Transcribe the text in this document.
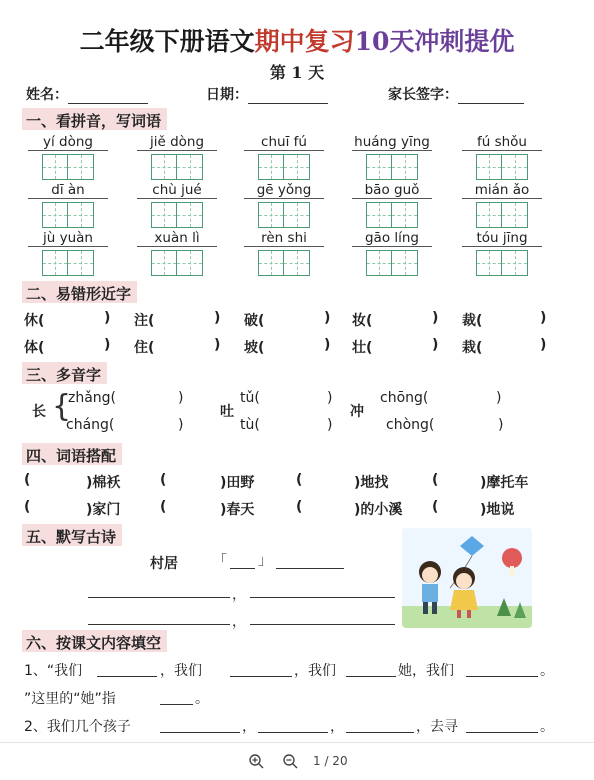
二年级下册语文期中复习10天冲刺提优
第 1 天
姓名：	日期：	家长签字：
一、看拼音，写词语
yí dòng	jiě dòng	chuī fú	huáng yīng	fú shǒu
dī àn	chù jué	gē yǒng	bāo guǒ	mián ǎo
jù yuàn	xuàn lì	rèn shi	gāo líng	tóu jīng
二、易错形近字
休(	) 注(	) 破(	) 妆(	) 裁(	)
体(	) 住(	) 坡(	) 壮(	) 栽(	)
三、多音字
长 {
zhǎng(	)
cháng(	)
吐
tǔ(	)
tù(	)
冲
chōng(	)
chòng(	)
四、词语搭配
(	)棉袄	(	)田野	(	)地找	(	)摩托车
(	)家门	(	)春天	(	)的小溪 (	)地说
五、默写古诗
村居	「 」
，
，
六、按课文内容填空
1、“我们	，我们	，我们	她，我们	。
”这里的“她”指	。
2、我们几个孩子	，	，	，去寻	。
1 / 20
